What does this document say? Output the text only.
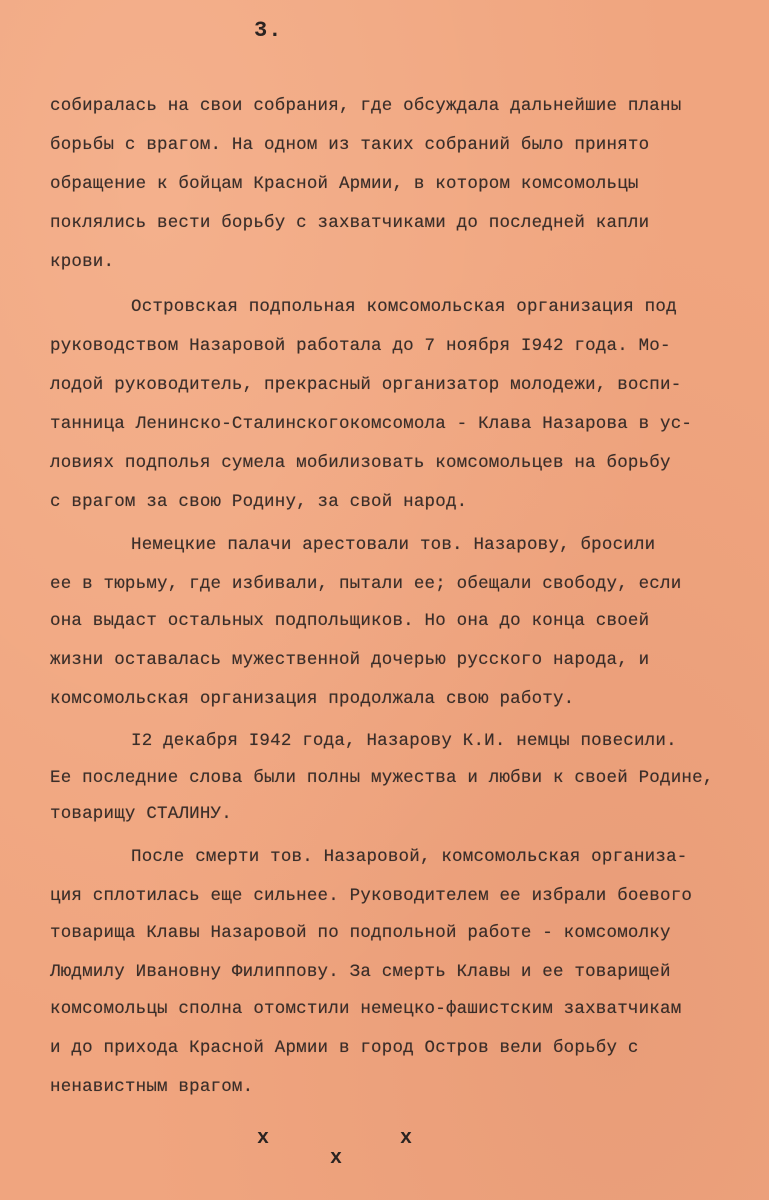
3.
собиралась на свои собрания, где обсуждала дальнейшие планы
борьбы с врагом. На одном из таких собраний было принято
обращение к бойцам Красной Армии, в котором комсомольцы
поклялись вести борьбу с захватчиками до последней капли
крови.
Островская подпольная комсомольская организация под
руководством Назаровой работала до 7 ноября I942 года. Мо-
лодой руководитель, прекрасный организатор молодежи, воспи-
танница Ленинско-Сталинскогокомсомола - Клава Назарова в ус-
ловиях подполья сумела мобилизовать комсомольцев на борьбу
с врагом за свою Родину, за свой народ.
Немецкие палачи арестовали тов. Назарову, бросили
ее в тюрьму, где избивали, пытали ее; обещали свободу, если
она выдаст остальных подпольщиков. Но она до конца своей
жизни оставалась мужественной дочерью русского народа, и
комсомольская организация продолжала свою работу.
I2 декабря I942 года, Назарову К.И. немцы повесили.
Ее последние слова были полны мужества и любви к своей Родине,
товарищу СТАЛИНУ.
После смерти тов. Назаровой, комсомольская организа-
ция сплотилась еще сильнее. Руководителем ее избрали боевого
товарища Клавы Назаровой по подпольной работе - комсомолку
Людмилу Ивановну Филиппову. За смерть Клавы и ее товарищей
комсомольцы сполна отомстили немецко-фашистским захватчикам
и до прихода Красной Армии в город Остров вели борьбу с
ненавистным врагом.
x	x
x
